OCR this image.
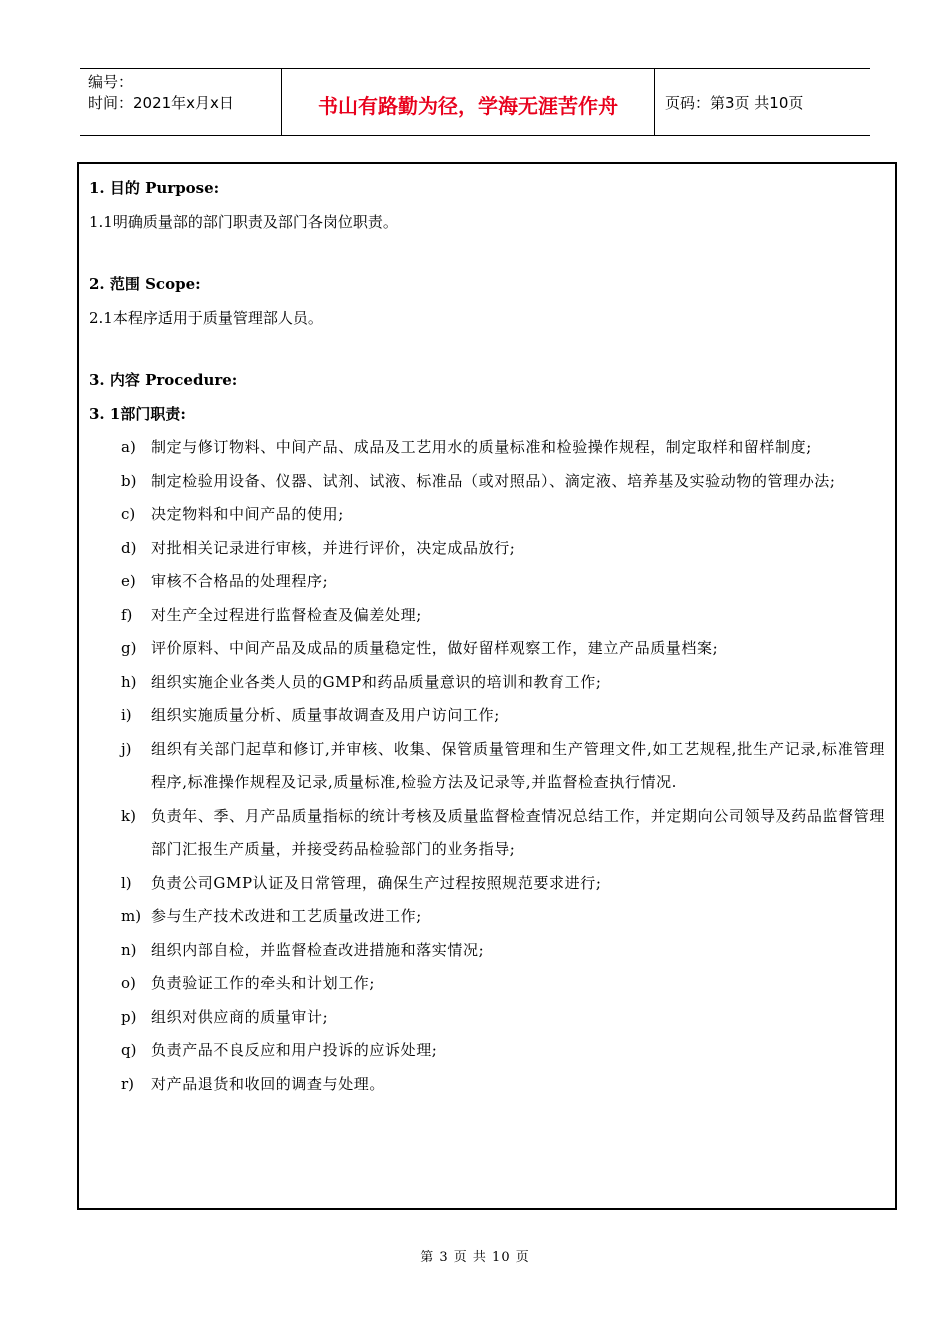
编号：
时间：2021年x月x日	书山有路勤为径，学海无涯苦作舟	页码：第3页 共10页
1. 目的 Purpose:
1.1明确质量部的部门职责及部门各岗位职责。
2. 范围 Scope:
2.1本程序适用于质量管理部人员。
3. 内容 Procedure:
3. 1部门职责:
a)	制定与修订物料、中间产品、成品及工艺用水的质量标准和检验操作规程，制定取样和留样制度;
b) 制定检验用设备、仪器、试剂、试液、标准品（或对照品）、滴定液、培养基及实验动物的管理办法;
c)	决定物料和中间产品的使用;
d) 对批相关记录进行审核，并进行评价，决定成品放行;
e)	审核不合格品的处理程序;
f)	对生产全过程进行监督检查及偏差处理;
g) 评价原料、中间产品及成品的质量稳定性，做好留样观察工作，建立产品质量档案;
h) 组织实施企业各类人员的GMP和药品质量意识的培训和教育工作;
i)	组织实施质量分析、质量事故调查及用户访问工作;
j)	组织有关部门起草和修订,并审核、收集、保管质量管理和生产管理文件,如工艺规程,批生产记录,标准管理程序,标准操作规程及记录,质量标准,检验方法及记录等,并监督检查执行情况.
k)	负责年、季、月产品质量指标的统计考核及质量监督检查情况总结工作，并定期向公司领导及药品监督管理部门汇报生产质量，并接受药品检验部门的业务指导;
l)	负责公司GMP认证及日常管理，确保生产过程按照规范要求进行;
m) 参与生产技术改进和工艺质量改进工作;
n) 组织内部自检，并监督检查改进措施和落实情况;
o)	负责验证工作的牵头和计划工作;
p) 组织对供应商的质量审计;
q) 负责产品不良反应和用户投诉的应诉处理;
r)	对产品退货和收回的调查与处理。
第 3 页 共 10 页
